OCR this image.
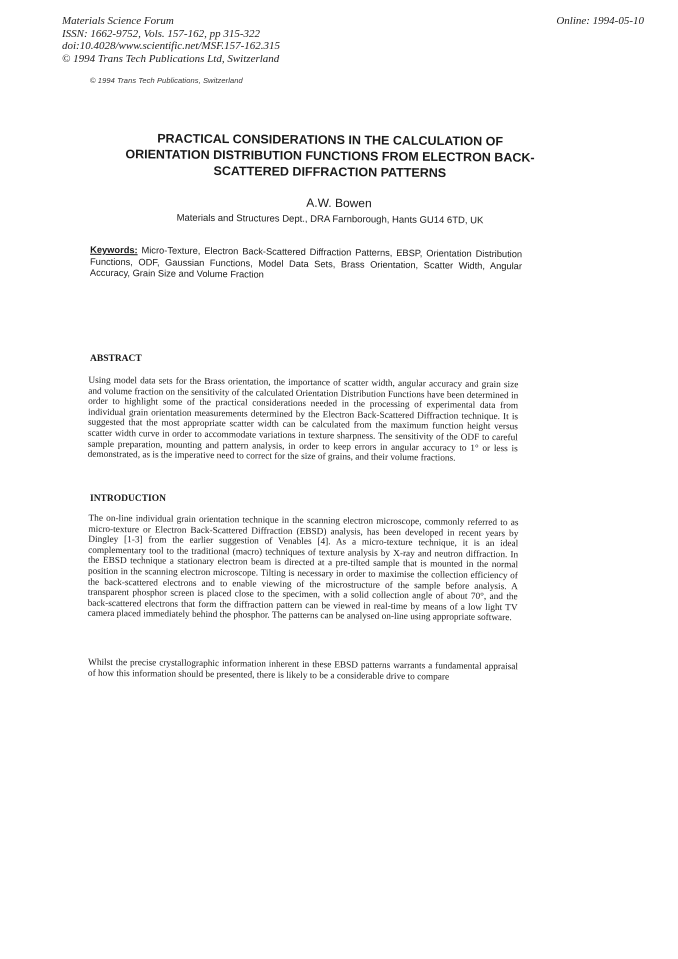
Materials Science Forum
ISSN: 1662-9752, Vols. 157-162, pp 315-322
doi:10.4028/www.scientific.net/MSF.157-162.315
© 1994 Trans Tech Publications Ltd, Switzerland
Online: 1994-05-10
© 1994 Trans Tech Publications, Switzerland
PRACTICAL CONSIDERATIONS IN THE CALCULATION OF ORIENTATION DISTRIBUTION FUNCTIONS FROM ELECTRON BACK-SCATTERED DIFFRACTION PATTERNS
A.W. Bowen
Materials and Structures Dept., DRA Farnborough, Hants GU14 6TD, UK
Keywords: Micro-Texture, Electron Back-Scattered Diffraction Patterns, EBSP, Orientation Distribution Functions, ODF, Gaussian Functions, Model Data Sets, Brass Orientation, Scatter Width, Angular Accuracy, Grain Size and Volume Fraction
ABSTRACT
Using model data sets for the Brass orientation, the importance of scatter width, angular accuracy and grain size and volume fraction on the sensitivity of the calculated Orientation Distribution Functions have been determined in order to highlight some of the practical considerations needed in the processing of experimental data from individual grain orientation measurements determined by the Electron Back-Scattered Diffraction technique. It is suggested that the most appropriate scatter width can be calculated from the maximum function height versus scatter width curve in order to accommodate variations in texture sharpness. The sensitivity of the ODF to careful sample preparation, mounting and pattern analysis, in order to keep errors in angular accuracy to 1° or less is demonstrated, as is the imperative need to correct for the size of grains, and their volume fractions.
INTRODUCTION
The on-line individual grain orientation technique in the scanning electron microscope, commonly referred to as micro-texture or Electron Back-Scattered Diffraction (EBSD) analysis, has been developed in recent years by Dingley [1-3] from the earlier suggestion of Venables [4]. As a micro-texture technique, it is an ideal complementary tool to the traditional (macro) techniques of texture analysis by X-ray and neutron diffraction. In the EBSD technique a stationary electron beam is directed at a pre-tilted sample that is mounted in the normal position in the scanning electron microscope. Tilting is necessary in order to maximise the collection efficiency of the back-scattered electrons and to enable viewing of the microstructure of the sample before analysis. A transparent phosphor screen is placed close to the specimen, with a solid collection angle of about 70°, and the back-scattered electrons that form the diffraction pattern can be viewed in real-time by means of a low light TV camera placed immediately behind the phosphor. The patterns can be analysed on-line using appropriate software.
Whilst the precise crystallographic information inherent in these EBSD patterns warrants a fundamental appraisal of how this information should be presented, there is likely to be a considerable drive to compare
